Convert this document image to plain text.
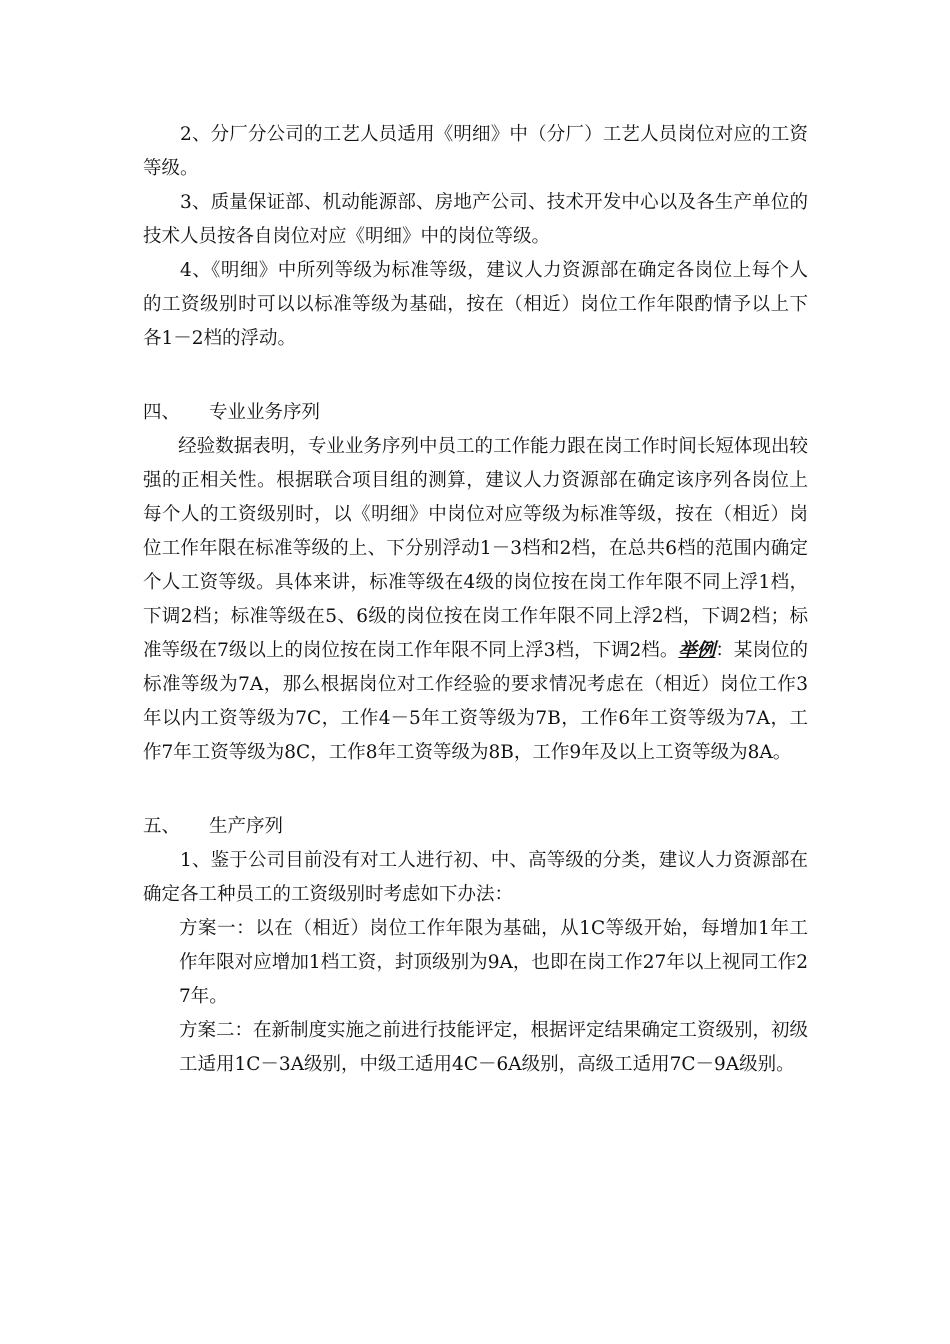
2、分厂分公司的工艺人员适用《明细》中（分厂）工艺人员岗位对应的工资等级。

3、质量保证部、机动能源部、房地产公司、技术开发中心以及各生产单位的技术人员按各自岗位对应《明细》中的岗位等级。

4、《明细》中所列等级为标准等级，建议人力资源部在确定各岗位上每个人的工资级别时可以以标准等级为基础，按在（相近）岗位工作年限酌情予以上下各1－2档的浮动。

四、	专业业务序列

经验数据表明，专业业务序列中员工的工作能力跟在岗工作时间长短体现出较强的正相关性。根据联合项目组的测算，建议人力资源部在确定该序列各岗位上每个人的工资级别时，以《明细》中岗位对应等级为标准等级，按在（相近）岗位工作年限在标准等级的上、下分别浮动1－3档和2档，在总共6档的范围内确定个人工资等级。具体来讲，标准等级在4级的岗位按在岗工作年限不同上浮1档，下调2档；标准等级在5、6级的岗位按在岗工作年限不同上浮2档，下调2档；标准等级在7级以上的岗位按在岗工作年限不同上浮3档，下调2档。举例：某岗位的标准等级为7A，那么根据岗位对工作经验的要求情况考虑在（相近）岗位工作3年以内工资等级为7C，工作4－5年工资等级为7B，工作6年工资等级为7A，工作7年工资等级为8C，工作8年工资等级为8B，工作9年及以上工资等级为8A。

五、	生产序列

1、鉴于公司目前没有对工人进行初、中、高等级的分类，建议人力资源部在确定各工种员工的工资级别时考虑如下办法：

方案一：以在（相近）岗位工作年限为基础，从1C等级开始，每增加1年工作年限对应增加1档工资，封顶级别为9A，也即在岗工作27年以上视同工作27年。

方案二：在新制度实施之前进行技能评定，根据评定结果确定工资级别，初级工适用1C－3A级别，中级工适用4C－6A级别，高级工适用7C－9A级别。
